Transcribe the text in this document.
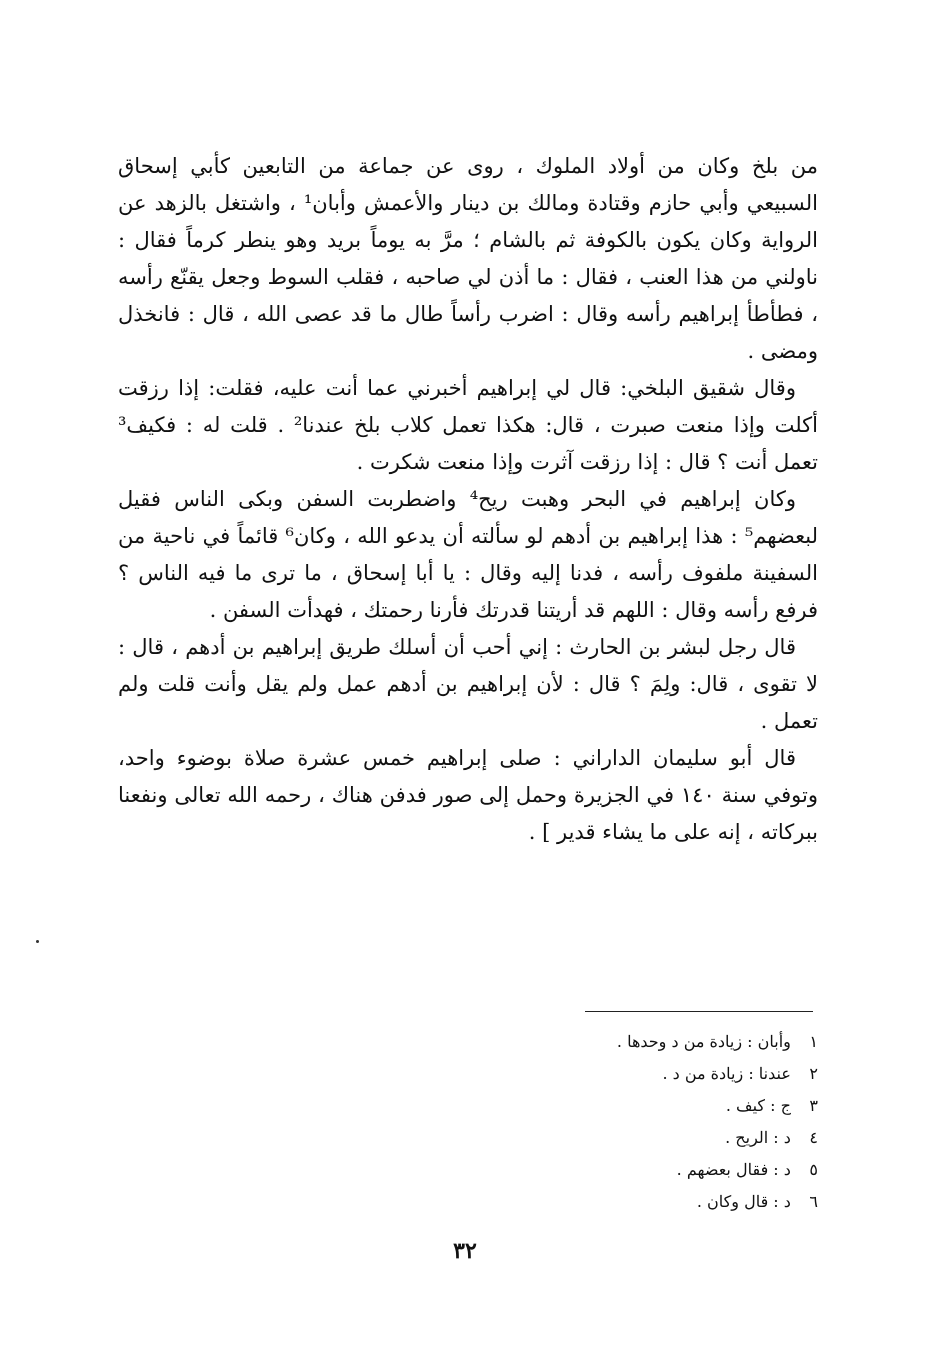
من بلخ وكان من أولاد الملوك ، روى عن جماعة من التابعين كأبي إسحاق السبيعي وأبي حازم وقتادة ومالك بن دينار والأعمش وأبان¹ ، واشتغل بالزهد عن الرواية وكان يكون بالكوفة ثم بالشام ؛ مرَّ به يوماً بريد وهو ينطر كرماً فقال : ناولني من هذا العنب ، فقال : ما أذن لي صاحبه ، فقلب السوط وجعل يقنّع رأسه ، فطأطأ إبراهيم رأسه وقال : اضرب رأساً طال ما قد عصى الله ، قال : فانخذل ومضى .

وقال شقيق البلخي: قال لي إبراهيم أخبرني عما أنت عليه، فقلت: إذا رزقت أكلت وإذا منعت صبرت ، قال: هكذا تعمل كلاب بلخ عندنا² . قلت له : فكيف³ تعمل أنت ؟ قال : إذا رزقت آثرت وإذا منعت شكرت .

وكان إبراهيم في البحر وهبت ريح⁴ واضطربت السفن وبكى الناس فقيل لبعضهم⁵ : هذا إبراهيم بن أدهم لو سألته أن يدعو الله ، وكان⁶ قائماً في ناحية من السفينة ملفوف رأسه ، فدنا إليه وقال : يا أبا إسحاق ، ما ترى ما فيه الناس ؟ فرفع رأسه وقال : اللهم قد أريتنا قدرتك فأرنا رحمتك ، فهدأت السفن .

قال رجل لبشر بن الحارث : إني أحب أن أسلك طريق إبراهيم بن أدهم ، قال : لا تقوى ، قال: ولِمَ ؟ قال : لأن إبراهيم بن أدهم عمل ولم يقل وأنت قلت ولم تعمل .

قال أبو سليمان الداراني : صلى إبراهيم خمس عشرة صلاة بوضوء واحد، وتوفي سنة ١٤٠ في الجزيرة وحمل إلى صور فدفن هناك ، رحمه الله تعالى ونفعنا ببركاته ، إنه على ما يشاء قدير ] .

١ وأبان : زيادة من د وحدها .
٢ عندنا : زيادة من د .
٣ ج : كيف .
٤ د : الريح .
٥ د : فقال بعضهم .
٦ د : قال وكان .
٣٢
